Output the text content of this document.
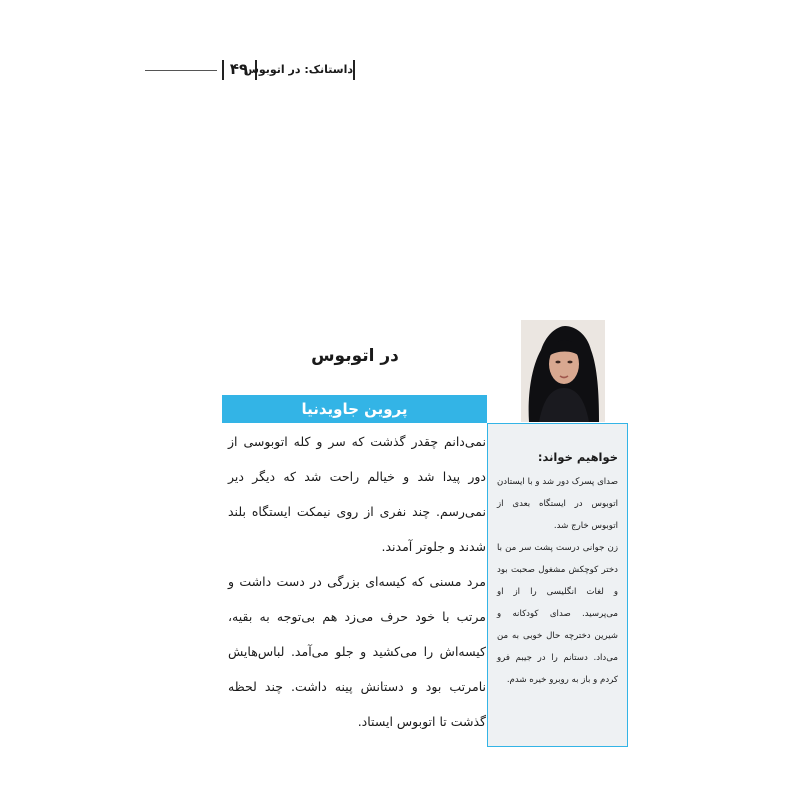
۴۹
داستانک: در اتوبوس
در اتوبوس
پروین جاویدنیا

نمی‌دانم چقدر گذشت که سر و کله اتوبوسی از دور پیدا شد و خیالم راحت شد که دیگر دیر نمی‌رسم. چند نفری از روی نیمکت ایستگاه بلند شدند و جلوتر آمدند.

مرد مسنی که کیسه‌ای بزرگی در دست داشت و مرتب با خود حرف می‌زد هم بی‌توجه به بقیه، کیسه‌اش را می‌کشید و جلو می‌آمد. لباس‌هایش نامرتب بود و دستانش پینه داشت. چند لحظه گذشت تا اتوبوس ایستاد.

خواهیم خواند:

صدای پسرک دور شد و با ایستادن اتوبوس در ایستگاه بعدی از اتوبوس خارج شد.

زن جوانی درست پشت سر من با دختر کوچکش مشغول صحبت بود و لغات انگلیسی را از او می‌پرسید. صدای کودکانه و شیرین دخترچه حال خوبی به من می‌داد. دستانم را در جیبم فرو کردم و باز به روبرو خیره شدم.
